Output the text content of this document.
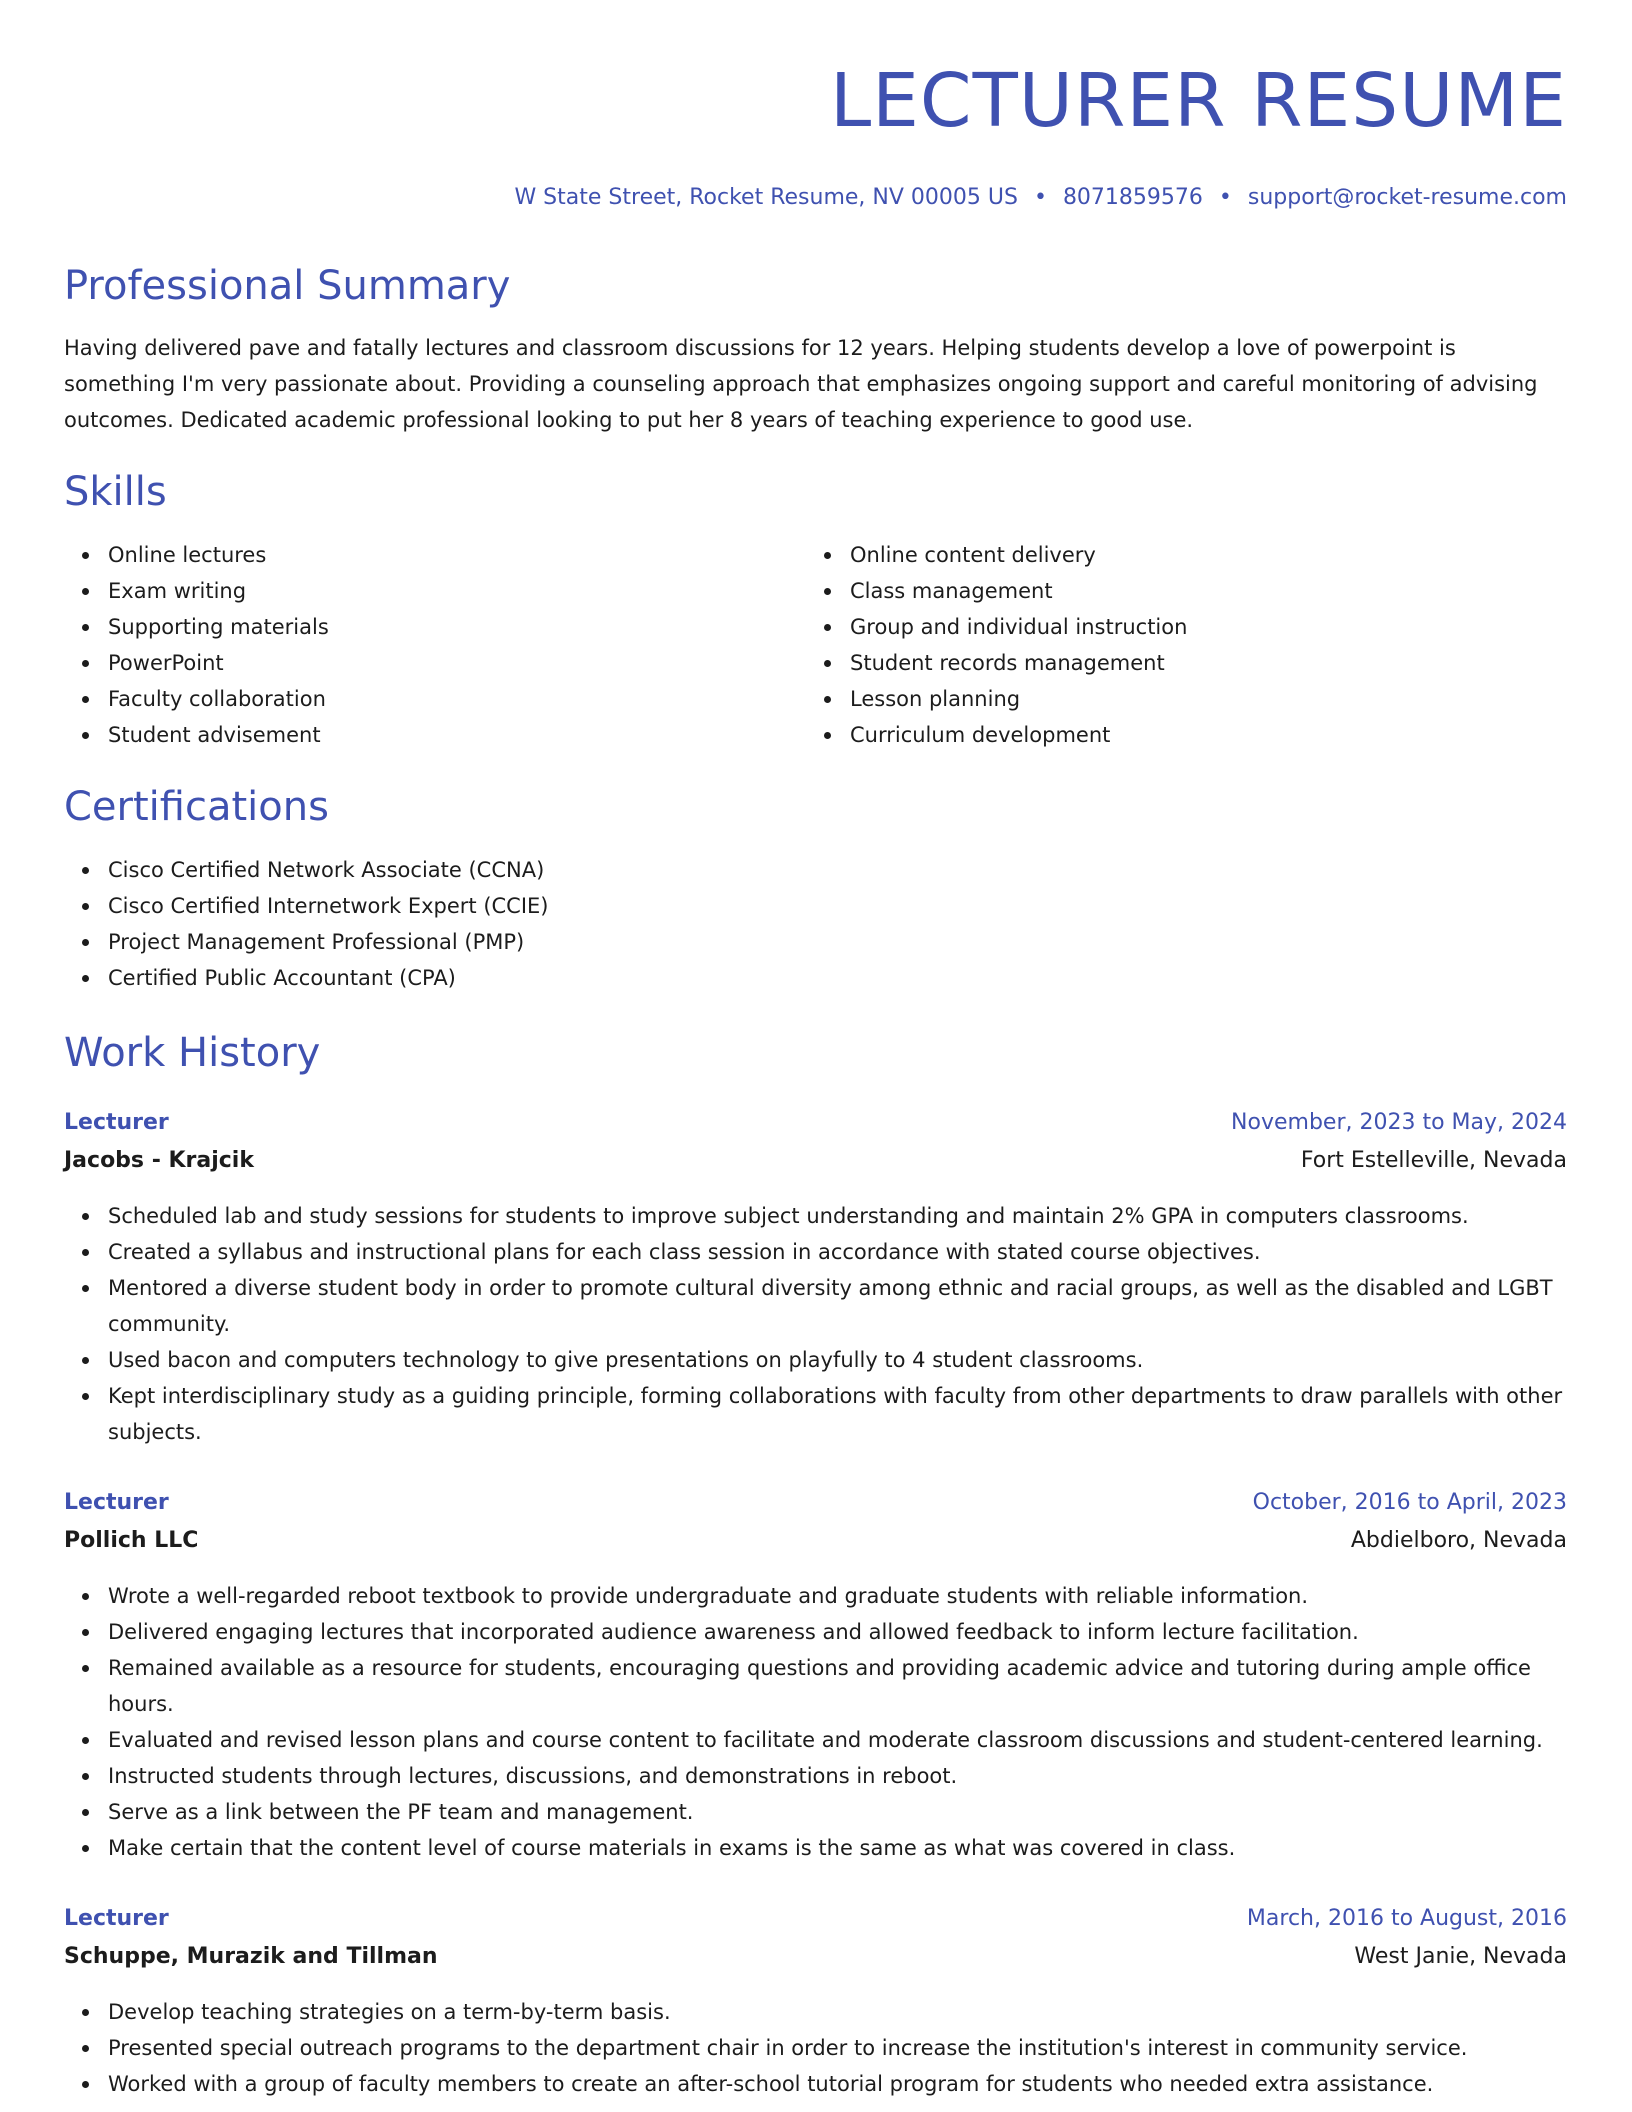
LECTURER RESUME
W State Street, Rocket Resume, NV 00005 US • 8071859576 • support@rocket-resume.com
Professional Summary

Having delivered pave and fatally lectures and classroom discussions for 12 years. Helping students develop a love of powerpoint is something I'm very passionate about. Providing a counseling approach that emphasizes ongoing support and careful monitoring of advising outcomes. Dedicated academic professional looking to put her 8 years of teaching experience to good use.

Skills
Online lectures
Exam writing
Supporting materials
PowerPoint
Faculty collaboration
Student advisement
Online content delivery
Class management
Group and individual instruction
Student records management
Lesson planning
Curriculum development
Certifications
Cisco Certified Network Associate (CCNA)
Cisco Certified Internetwork Expert (CCIE)
Project Management Professional (PMP)
Certified Public Accountant (CPA)
Work History
Lecturer	November, 2023 to May, 2024
Jacobs - Krajcik	Fort Estelleville, Nevada
Scheduled lab and study sessions for students to improve subject understanding and maintain 2% GPA in computers classrooms.
Created a syllabus and instructional plans for each class session in accordance with stated course objectives.
Mentored a diverse student body in order to promote cultural diversity among ethnic and racial groups, as well as the disabled and LGBT community.
Used bacon and computers technology to give presentations on playfully to 4 student classrooms.
Kept interdisciplinary study as a guiding principle, forming collaborations with faculty from other departments to draw parallels with other subjects.
Lecturer	October, 2016 to April, 2023
Pollich LLC	Abdielboro, Nevada
Wrote a well-regarded reboot textbook to provide undergraduate and graduate students with reliable information.
Delivered engaging lectures that incorporated audience awareness and allowed feedback to inform lecture facilitation.
Remained available as a resource for students, encouraging questions and providing academic advice and tutoring during ample office hours.
Evaluated and revised lesson plans and course content to facilitate and moderate classroom discussions and student-centered learning.
Instructed students through lectures, discussions, and demonstrations in reboot.
Serve as a link between the PF team and management.
Make certain that the content level of course materials in exams is the same as what was covered in class.
Lecturer	March, 2016 to August, 2016
Schuppe, Murazik and Tillman	West Janie, Nevada
Develop teaching strategies on a term-by-term basis.
Presented special outreach programs to the department chair in order to increase the institution's interest in community service.
Worked with a group of faculty members to create an after-school tutorial program for students who needed extra assistance.
